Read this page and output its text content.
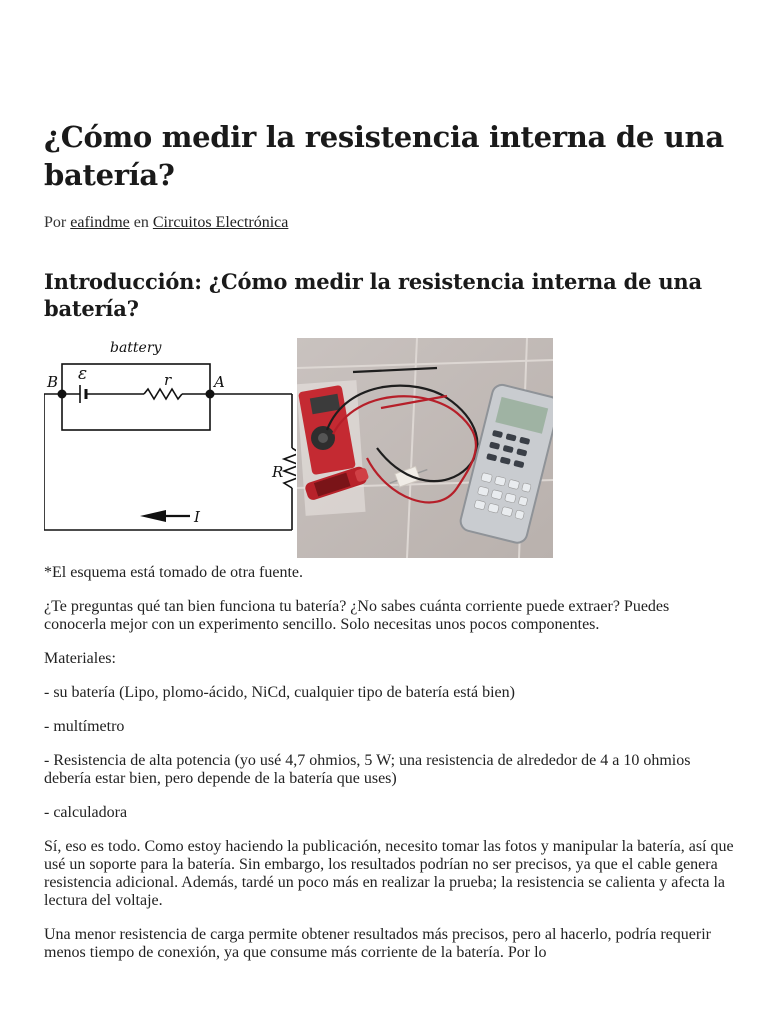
¿Cómo medir la resistencia interna de una batería?
Por eafindme en Circuitos Electrónica
Introducción: ¿Cómo medir la resistencia interna de una batería?
battery
ε	r	A
B
R
I

*El esquema está tomado de otra fuente.

¿Te preguntas qué tan bien funciona tu batería? ¿No sabes cuánta corriente puede extraer? Puedes conocerla mejor con un experimento sencillo. Solo necesitas unos pocos componentes.

Materiales:

- su batería (Lipo, plomo-ácido, NiCd, cualquier tipo de batería está bien)

- multímetro

- Resistencia de alta potencia (yo usé 4,7 ohmios, 5 W; una resistencia de alrededor de 4 a 10 ohmios debería estar bien, pero depende de la batería que uses)

- calculadora

Sí, eso es todo. Como estoy haciendo la publicación, necesito tomar las fotos y manipular la batería, así que usé un soporte para la batería. Sin embargo, los resultados podrían no ser precisos, ya que el cable genera resistencia adicional. Además, tardé un poco más en realizar la prueba; la resistencia se calienta y afecta la lectura del voltaje.

Una menor resistencia de carga permite obtener resultados más precisos, pero al hacerlo, podría requerir menos tiempo de conexión, ya que consume más corriente de la batería. Por lo
